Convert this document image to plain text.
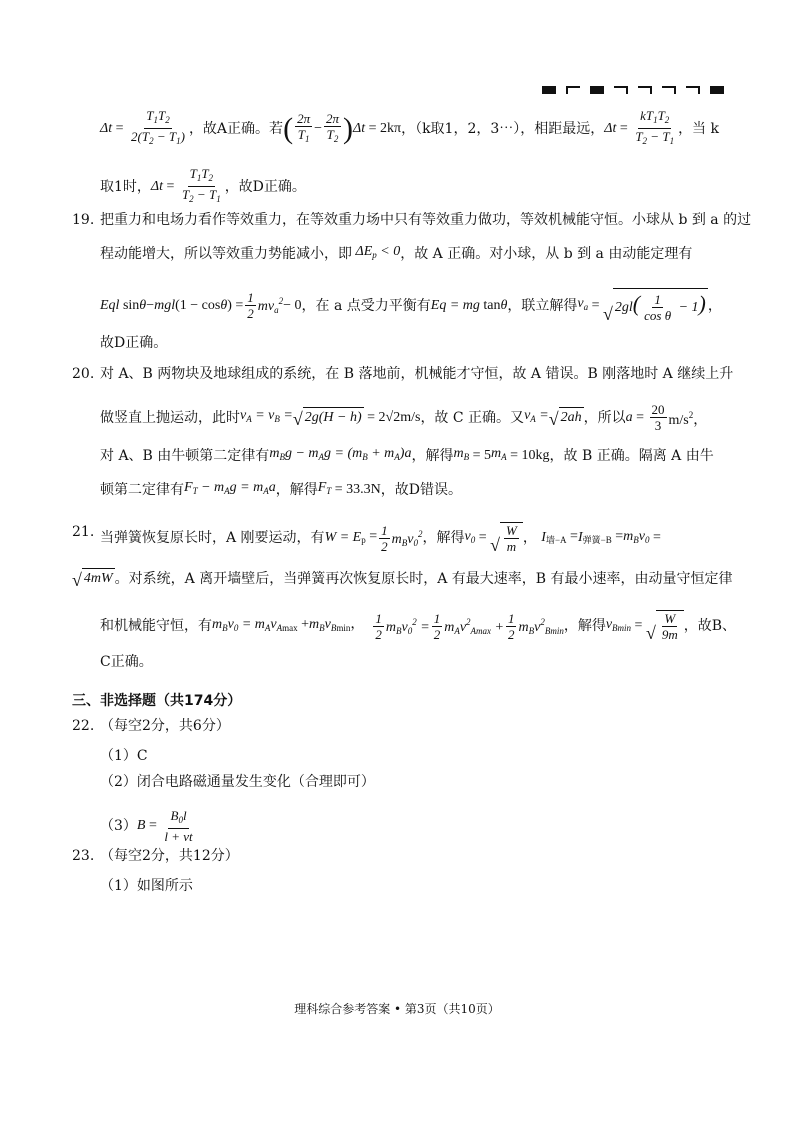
$\Delta t = \frac{T_1T_2}{2(T_2 - T_1)}$ ，故A正确。若 ( $\frac{2\pi}{T_1} - \frac{2\pi}{T_2}$ ) Δt = 2kπ ，（k取1，2，3⋯），相距最远， $\Delta t = \frac{kT_1T_2}{T_2 - T_1}$ ，当 k
取1时， $\Delta t = \frac{T_1T_2}{T_2 - T_1}$ ，故D正确。
19. 把重力和电场力看作等效重力，在等效重力场中只有等效重力做功，等效机械能守恒。小球从 b 到 a 的过
程动能增大，所以等效重力势能减小，即 $\Delta E_p < 0$ ，故 A 正确。对小球，从 b 到 a 由动能定理有
Eql sin θ − mgl (1 − cos θ ) = $\frac{1}{2} mv_a^2 - 0$ ，在 a 点受力平衡有 Eq = mg tan θ ，联立解得 $v_a$ = √ $2gl( \frac{1}{\text{cos θ}} - 1)$ ，
故D正确。
20. 对 A、B 两物块及地球组成的系统，在 B 落地前，机械能才守恒，故 A 错误。B 刚落地时 A 继续上升
做竖直上抛运动，此时 $v_A = v_B$ = √ 2g(H − h) = 2√2m/s ，故 C 正确。又 $v_A$ = √ 2ah ，所以 $a = \frac{20}{3} m/s^2$，
对 A、B 由牛顿第二定律有 $m_Bg - m_Ag = (m_B + m_A)a$ ，解得 $m_B = 5$ $m_A = 10kg$ ，故 B 正确。隔离 A 由牛
顿第二定律有 $F_T - m_Ag = m_Aa$ ，解得 $F_T = 33.3N$ ，故D错误。
21. 当弹簧恢复原长时，A 刚要运动，有 W = E $_p = \frac{1}{2} m_Bv_0^2$ ，解得 $v_0$ = √ $\frac{W}{m}$ ， I $_{墙-A}$ = I $_{弹簧-B} = m_Bv_0$ =
√ 4mW 。对系统，A 离开墙壁后，当弹簧再次恢复原长时，A 有最大速率，B 有最小速率，由动量守恒定律
和机械能守恒，有 $m_Bv_0 = m_Av_A$ $_{max} + m_Bv_B$ $_{min}$， $\frac{1}{2} m_Bv_0^2 = \frac{1}{2} m_Av^2_{Amax} + \frac{1}{2} m_Bv^2_{Bmin}$ ，解得 $v_{Bmin}$ = √ $\frac{W}{9m}$ ，故B、
C正确。
三、非选择题（共174分）
22. （每空2分，共6分）
（1）C
（2）闭合电路磁通量发生变化（合理即可）
（3） $B = \frac{B_0l}{l + vt}$
23. （每空2分，共12分）
（1）如图所示
理科综合参考答案 • 第3页（共10页）
